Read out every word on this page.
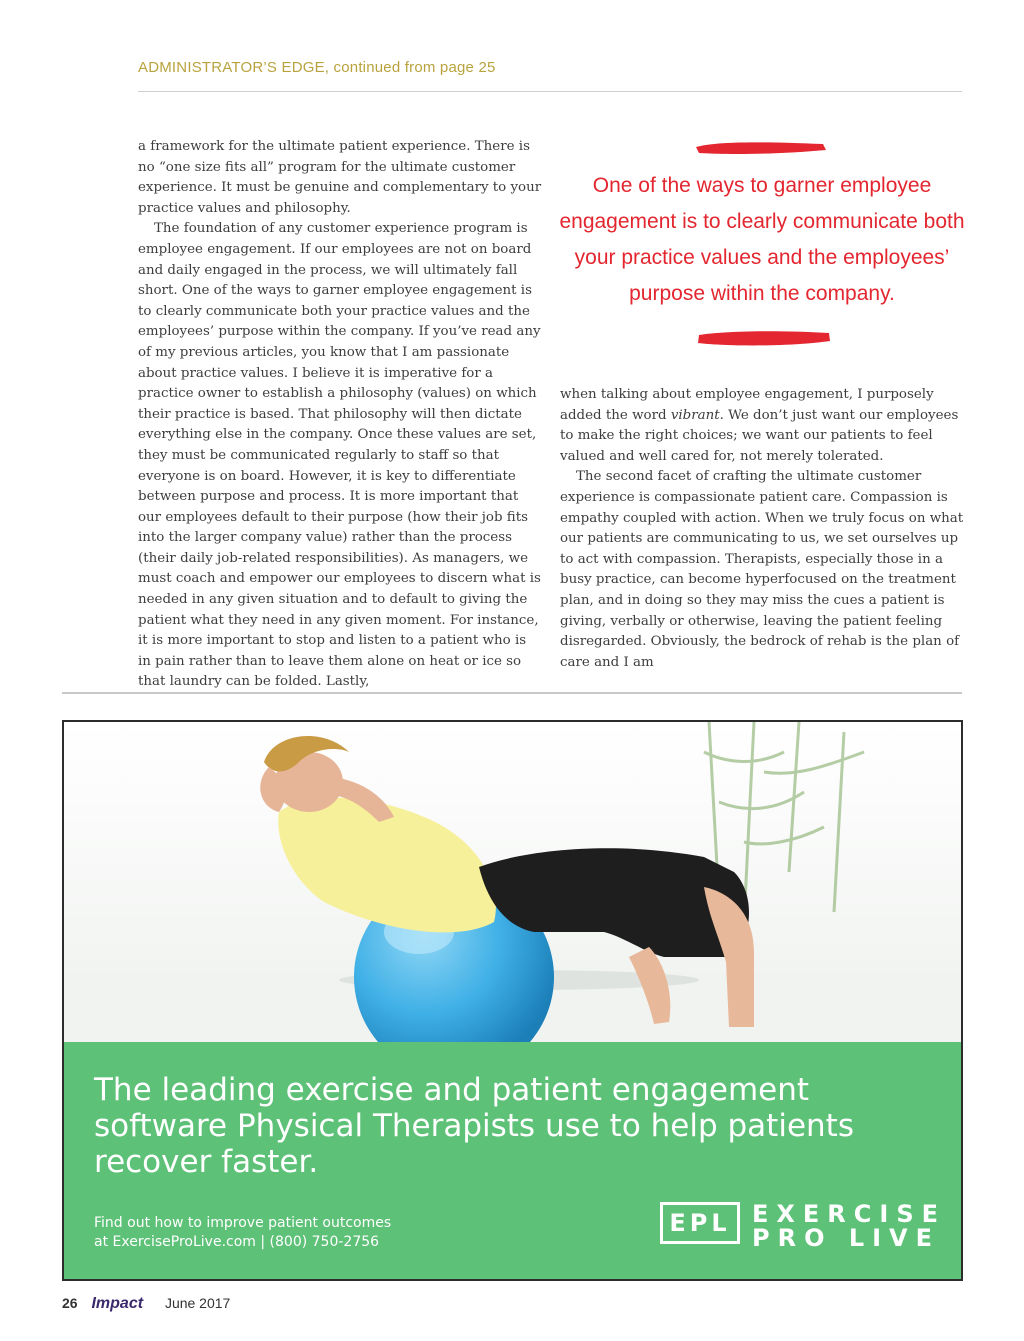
ADMINISTRATOR’S EDGE, continued from page 25

a framework for the ultimate patient experience. There is no “one size fits all” program for the ultimate customer experience. It must be genuine and complementary to your practice values and philosophy.

The foundation of any customer experience program is employee engagement. If our employees are not on board and daily engaged in the process, we will ultimately fall short. One of the ways to garner employee engagement is to clearly communicate both your practice values and the employees’ purpose within the company. If you’ve read any of my previous articles, you know that I am passionate about practice values. I believe it is imperative for a practice owner to establish a philosophy (values) on which their practice is based. That philosophy will then dictate everything else in the company. Once these values are set, they must be communicated regularly to staff so that everyone is on board. However, it is key to differentiate between purpose and process. It is more important that our employees default to their purpose (how their job fits into the larger company value) rather than the process (their daily job-related responsibilities). As managers, we must coach and empower our employees to discern what is needed in any given situation and to default to giving the patient what they need in any given moment. For instance, it is more important to stop and listen to a patient who is in pain rather than to leave them alone on heat or ice so that laundry can be folded. Lastly,

One of the ways to garner employee engagement is to clearly communicate both your practice values and the employees’ purpose within the company.

when talking about employee engagement, I purposely added the word vibrant. We don’t just want our employees to make the right choices; we want our patients to feel valued and well cared for, not merely tolerated.

The second facet of crafting the ultimate customer experience is compassionate patient care. Compassion is empathy coupled with action. When we truly focus on what our patients are communicating to us, we set ourselves up to act with compassion. Therapists, especially those in a busy practice, can become hyperfocused on the treatment plan, and in doing so they may miss the cues a patient is giving, verbally or otherwise, leaving the patient feeling disregarded. Obviously, the bedrock of rehab is the plan of care and I am

The leading exercise and patient engagement software Physical Therapists use to help patients recover faster.
Find out how to improve patient outcomes
at ExerciseProLive.com | (800) 750-2756
EPL EXERCISE
PRO LIVE
26 Impact June 2017
